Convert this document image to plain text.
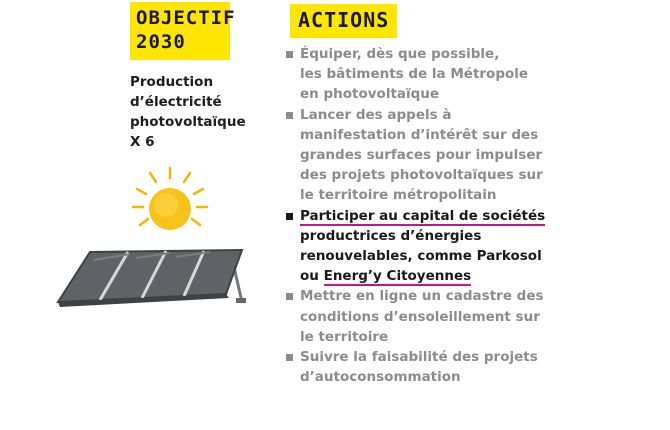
OBJECTIF
2030
Production
d’électricité
photovoltaïque
X 6
ACTIONS
Équiper, dès que possible,
les bâtiments de la Métropole
en photovoltaïque
Lancer des appels à
manifestation d’intérêt sur des
grandes surfaces pour impulser
des projets photovoltaïques sur
le territoire métropolitain
Participer au capital de sociétés
productrices d’énergies
renouvelables, comme Parkosol
ou Energ’y Citoyennes
Mettre en ligne un cadastre des
conditions d’ensoleillement sur
le territoire
Suivre la faisabilité des projets
d’autoconsommation
